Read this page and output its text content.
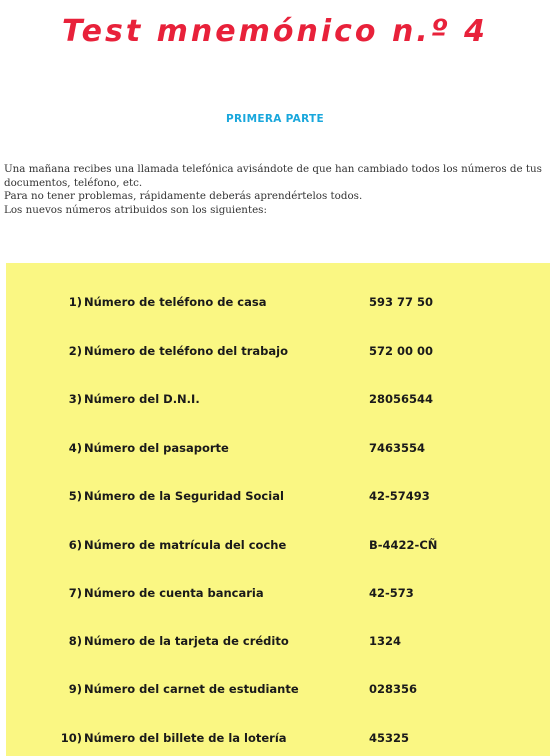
Test mnemónico n.º 4
PRIMERA PARTE

Una mañana recibes una llamada telefónica avisándote de que han cambiado todos los números de tus

documentos, teléfono, etc.

Para no tener problemas, rápidamente deberás aprendértelos todos.

Los nuevos números atribuidos son los siguientes:

1) Número de teléfono de casa	593 77 50
2) Número de teléfono del trabajo	572 00 00
3) Número del D.N.I.	28056544
4) Número del pasaporte	7463554
5) Número de la Seguridad Social	42-57493
6) Número de matrícula del coche	B-4422-CÑ
7) Número de cuenta bancaria	42-573
8) Número de la tarjeta de crédito	1324
9) Número del carnet de estudiante	028356
10) Número del billete de la lotería	45325
